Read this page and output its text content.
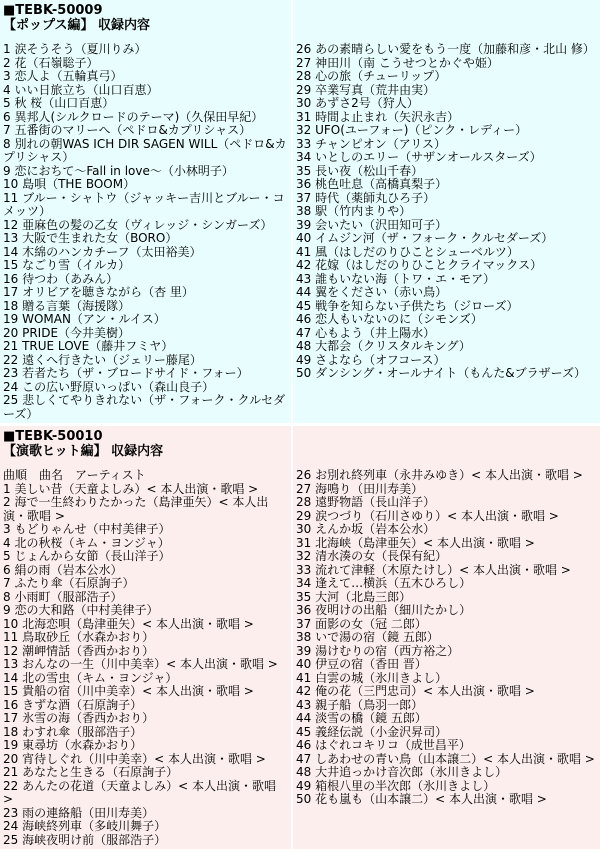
■TEBK-50009
【ポップス編】 収録内容
1 涙そうそう（夏川りみ）
2 花（石嶺聡子）
3 恋人よ（五輪真弓）
4 いい日旅立ち（山口百恵）
5 秋 桜（山口百恵）
6 異邦人(シルクロードのテーマ)（久保田早紀）
7 五番街のマリーへ（ペドロ&カプリシャス）
8 別れの朝WAS ICH DIR SAGEN WILL（ペドロ&カプリシャス）
9 恋におちて～Fall in love～（小林明子）
10 島唄（THE BOOM）
11 ブルー・シャトウ（ジャッキー吉川とブルー・コメッツ）
12 亜麻色の髪の乙女（ヴィレッジ・シンガーズ）
13 大阪で生まれた女（BORO）
14 木綿のハンカチーフ（太田裕美）
15 なごり雪（イルカ）
16 待つわ（あみん）
17 オリビアを聴きながら（杏 里）
18 贈る言葉（海援隊）
19 WOMAN（アン・ルイス）
20 PRIDE（今井美樹）
21 TRUE LOVE（藤井フミヤ）
22 遠くへ行きたい（ジェリー藤尾）
23 若者たち（ザ・ブロードサイド・フォー）
24 この広い野原いっぱい（森山良子）
25 悲しくてやりきれない（ザ・フォーク・クルセダーズ）
26 あの素晴らしい愛をもう一度（加藤和彦・北山 修）
27 神田川（南 こうせつとかぐや姫）
28 心の旅（チューリップ）
29 卒業写真（荒井由実）
30 あずさ2号（狩人）
31 時間よ止まれ（矢沢永吉）
32 UFO(ユーフォー)（ピンク・レディー）
33 チャンピオン（アリス）
34 いとしのエリー（サザンオールスターズ）
35 長い夜（松山千春）
36 桃色吐息（高橋真梨子）
37 時代（薬師丸ひろ子）
38 駅（竹内まりや）
39 会いたい（沢田知可子）
40 イムジン河（ザ・フォーク・クルセダーズ）
41 風（はしだのりひことシューベルツ）
42 花嫁（はしだのりひことクライマックス）
43 誰もいない海（トワ・エ・モア）
44 翼をください（赤い鳥）
45 戦争を知らない子供たち（ジローズ）
46 恋人もいないのに（シモンズ）
47 心もよう（井上陽水）
48 大都会（クリスタルキング）
49 さよなら（オフコース）
50 ダンシング・オールナイト（もんた&ブラザーズ）
■TEBK-50010
【演歌ヒット編】 収録内容
曲順　曲名　アーティスト
1 美しい昔（天童よしみ）< 本人出演・歌唱 >
2 海で一生終わりたかった（島津亜矢）< 本人出演・歌唱 >
3 もどりゃんせ（中村美律子）
4 北の秋桜（キム・ヨンジャ）
5 じょんから女節（長山洋子）
6 絹の雨（岩本公水）
7 ふたり傘（石原詢子）
8 小雨町（服部浩子）
9 恋の大和路（中村美律子）
10 北海恋唄（島津亜矢）< 本人出演・歌唱 >
11 鳥取砂丘（水森かおり）
12 潮岬情話（香西かおり）
13 おんなの一生（川中美幸）< 本人出演・歌唱 >
14 北の雪虫（キム・ヨンジャ）
15 貴船の宿（川中美幸）< 本人出演・歌唱 >
16 きずな酒（石原詢子）
17 氷雪の海（香西かおり）
18 わすれ傘（服部浩子）
19 東尋坊（水森かおり）
20 宵待しぐれ（川中美幸）< 本人出演・歌唱 >
21 あなたと生きる（石原詢子）
22 あんたの花道（天童よしみ）< 本人出演・歌唱 >
23 雨の連絡船（田川寿美）
24 海峡終列車（多岐川舞子）
25 海峡夜明け前（服部浩子）
26 お別れ終列車（永井みゆき）< 本人出演・歌唱 >
27 海鳴り（田川寿美）
28 遠野物語（長山洋子）
29 涙つづり（石川さゆり）< 本人出演・歌唱 >
30 えんか坂（岩本公水）
31 北海峡（島津亜矢）< 本人出演・歌唱 >
32 清水湊の女（長保有紀）
33 流れて津軽（木原たけし）< 本人出演・歌唱 >
34 逢えて…横浜（五木ひろし）
35 大河（北島三郎）
36 夜明けの出船（細川たかし）
37 面影の女（冠 二郎）
38 いで湯の宿（鏡 五郎）
39 湯けむりの宿（西方裕之）
40 伊豆の宿（香田 晋）
41 白雲の城（氷川きよし）
42 俺の花（三門忠司）< 本人出演・歌唱 >
43 親子船（鳥羽一郎）
44 淡雪の橋（鏡 五郎）
45 義経伝説（小金沢昇司）
46 はぐれコキリコ（成世昌平）
47 しあわせの青い鳥（山本譲二）< 本人出演・歌唱 >
48 大井追っかけ音次郎（氷川きよし）
49 箱根八里の半次郎（氷川きよし）
50 花も嵐も（山本譲二）< 本人出演・歌唱 >
